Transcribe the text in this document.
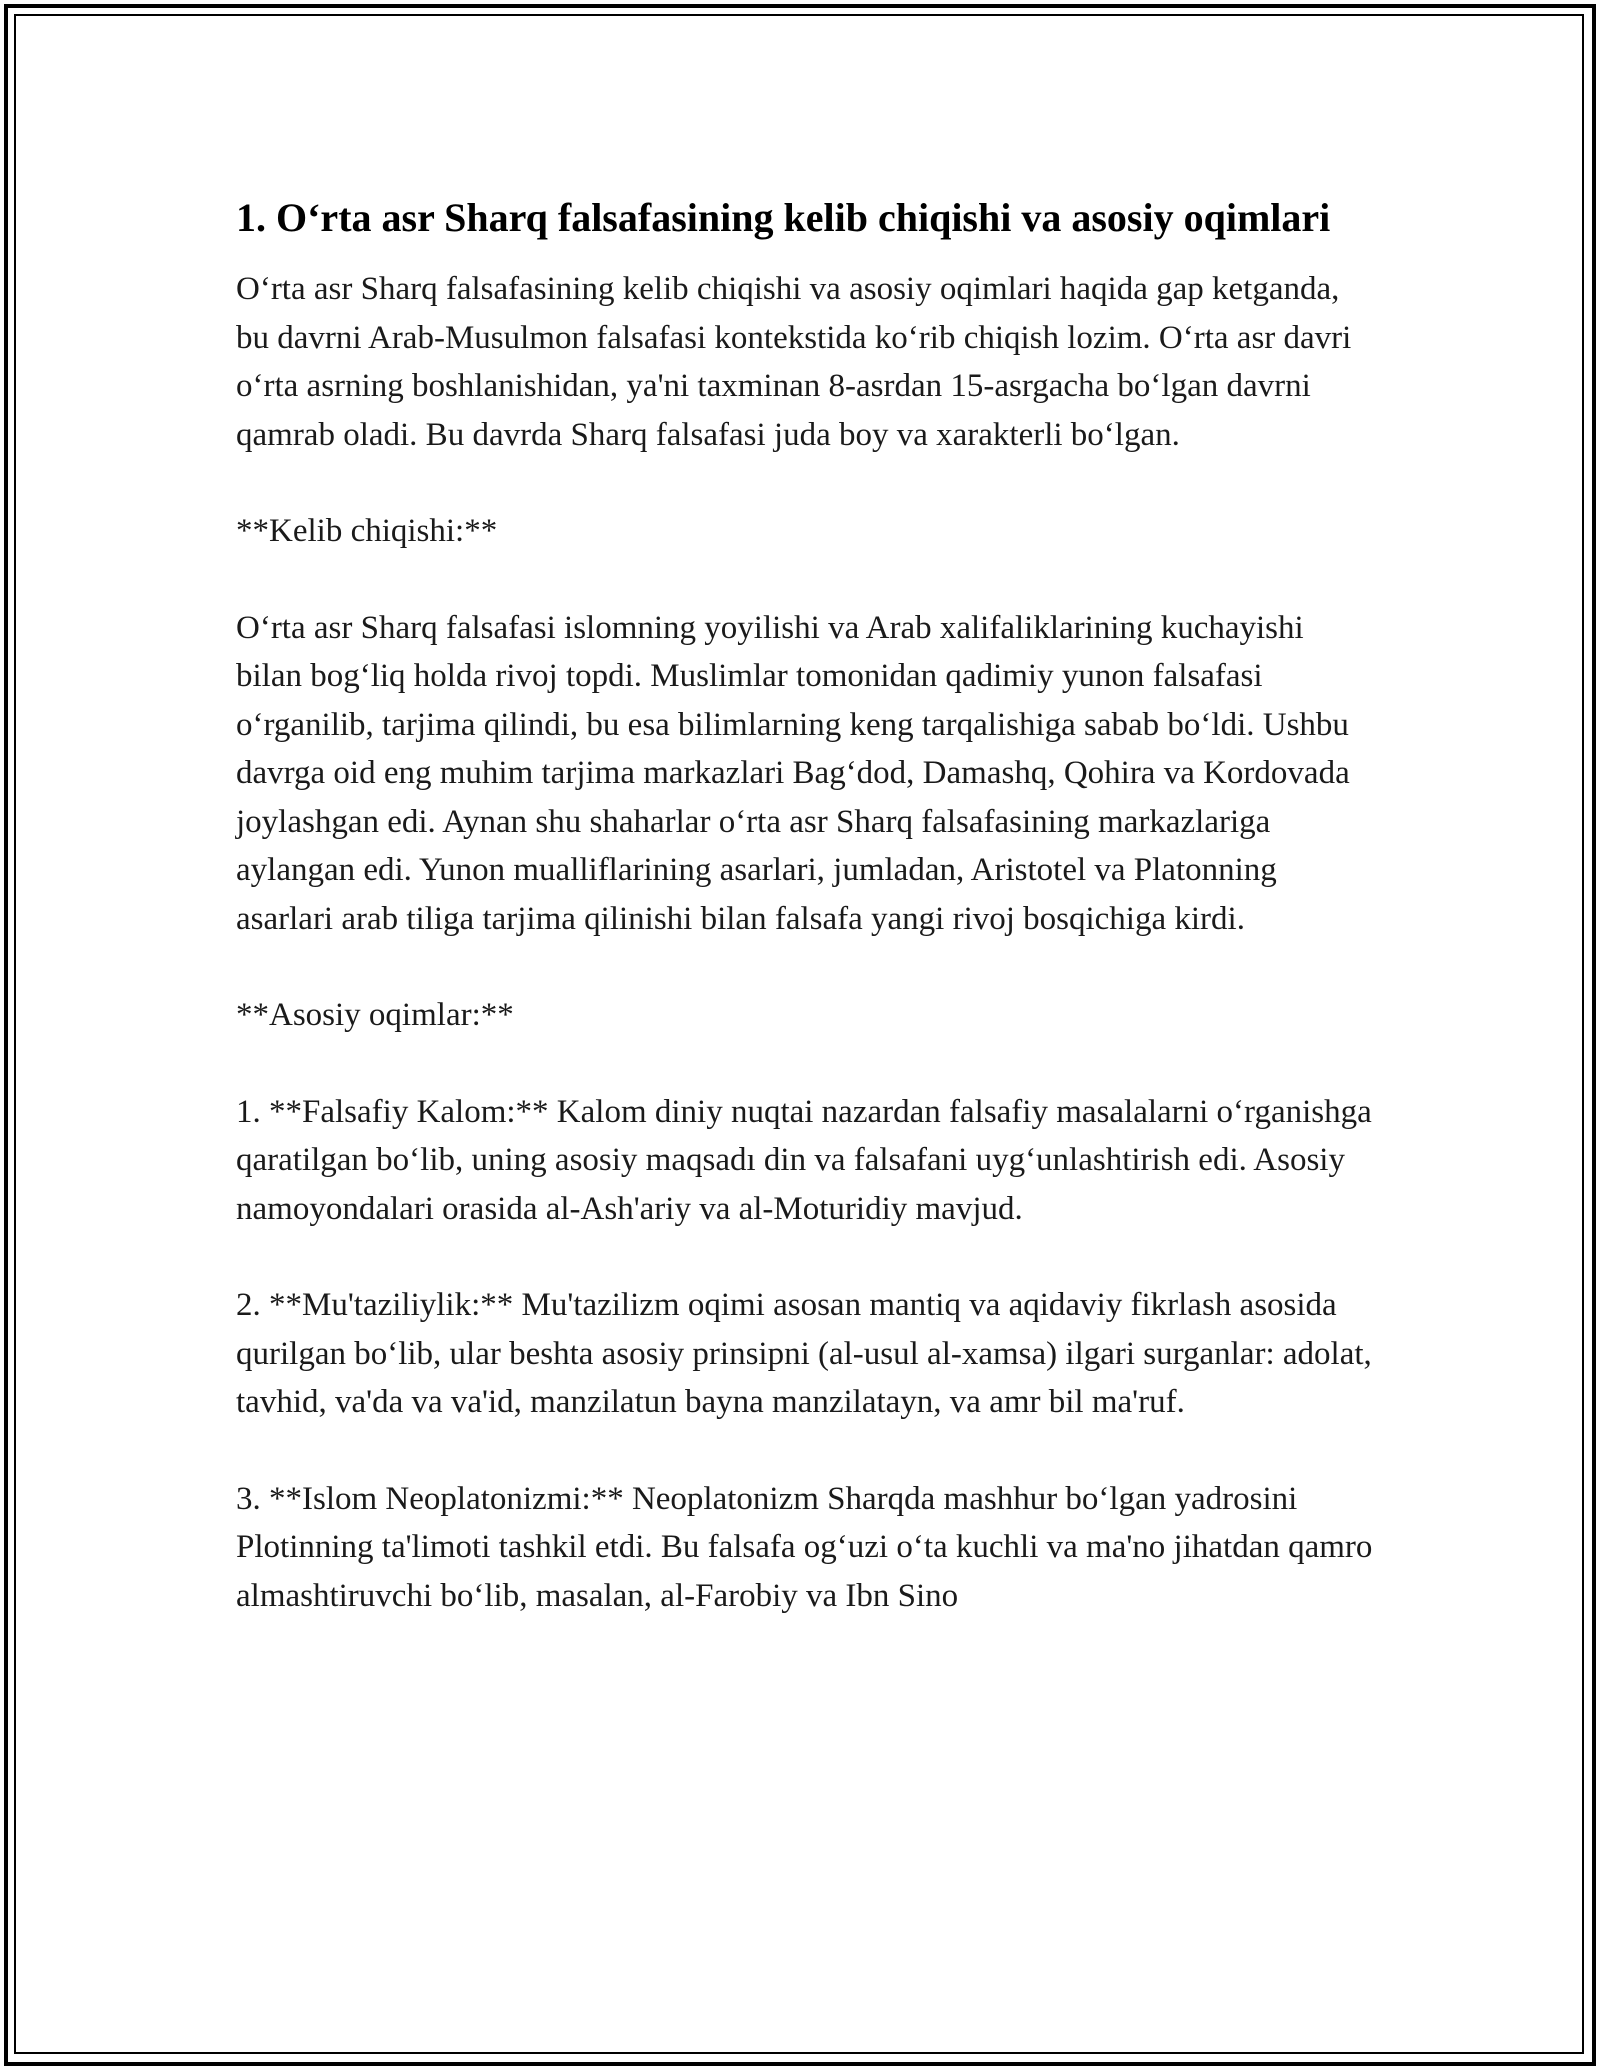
1. O‘rta asr Sharq falsafasining kelib chiqishi va asosiy oqimlari

O‘rta asr Sharq falsafasining kelib chiqishi va asosiy oqimlari haqida gap ketganda, bu davrni Arab-Musulmon falsafasi kontekstida ko‘rib chiqish lozim. O‘rta asr davri o‘rta asrning boshlanishidan, ya'ni taxminan 8-asrdan 15-asrgacha bo‘lgan davrni qamrab oladi. Bu davrda Sharq falsafasi juda boy va xarakterli bo‘lgan.

**Kelib chiqishi:**

O‘rta asr Sharq falsafasi islomning yoyilishi va Arab xalifaliklarining kuchayishi bilan bog‘liq holda rivoj topdi. Muslimlar tomonidan qadimiy yunon falsafasi o‘rganilib, tarjima qilindi, bu esa bilimlarning keng tarqalishiga sabab bo‘ldi. Ushbu davrga oid eng muhim tarjima markazlari Bag‘dod, Damashq, Qohira va Kordovada joylashgan edi. Aynan shu shaharlar o‘rta asr Sharq falsafasining markazlariga aylangan edi. Yunon mualliflarining asarlari, jumladan, Aristotel va Platonning asarlari arab tiliga tarjima qilinishi bilan falsafa yangi rivoj bosqichiga kirdi.

**Asosiy oqimlar:**

1. **Falsafiy Kalom:** Kalom diniy nuqtai nazardan falsafiy masalalarni o‘rganishga qaratilgan bo‘lib, uning asosiy maqsadı din va falsafani uyg‘unlashtirish edi. Asosiy namoyondalari orasida al-Ash'ariy va al-Moturidiy mavjud.

2. **Mu'taziliylik:** Mu'tazilizm oqimi asosan mantiq va aqidaviy fikrlash asosida qurilgan bo‘lib, ular beshta asosiy prinsipni (al-usul al-xamsa) ilgari surganlar: adolat, tavhid, va'da va va'id, manzilatun bayna manzilatayn, va amr bil ma'ruf.

3. **Islom Neoplatonizmi:** Neoplatonizm Sharqda mashhur bo‘lgan yadrosini Plotinning ta'limoti tashkil etdi. Bu falsafa og‘uzi o‘ta kuchli va ma'no jihatdan qamro almashtiruvchi bo‘lib, masalan, al-Farobiy va Ibn Sino
